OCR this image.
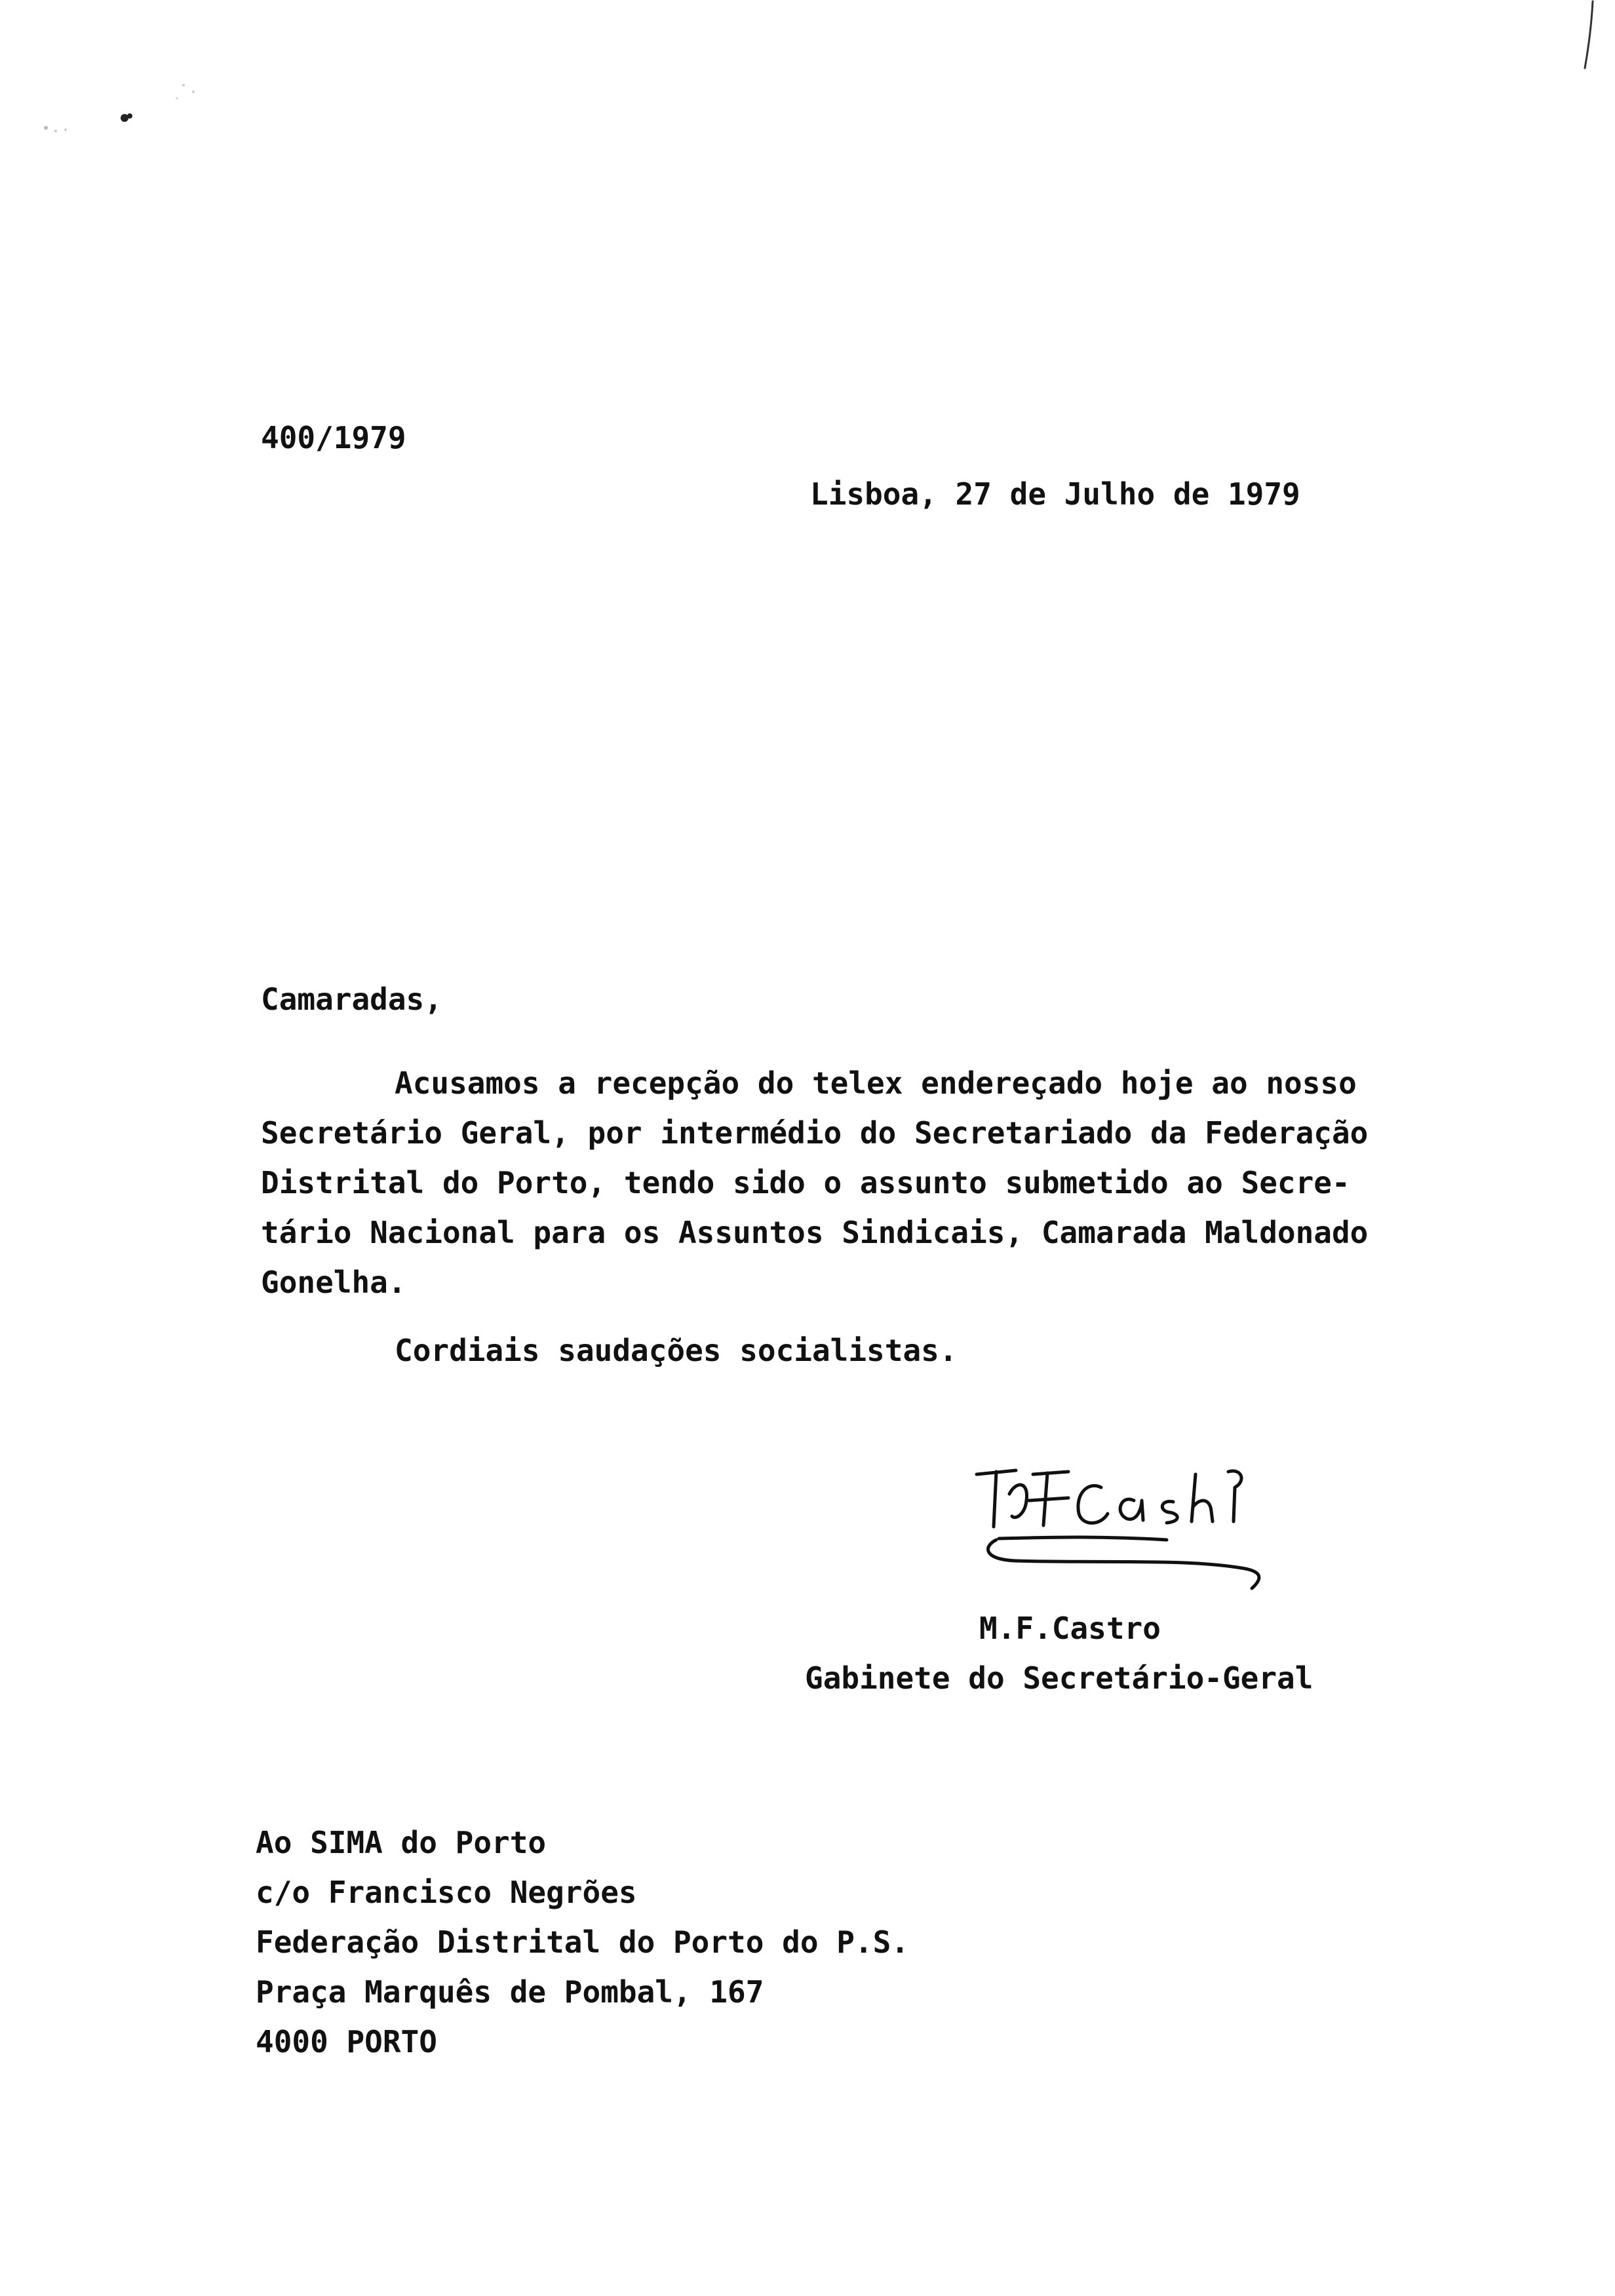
400/1979
Lisboa, 27 de Julho de 1979
Camaradas,
Acusamos a recepção do telex endereçado hoje ao nosso
Secretário Geral, por intermédio do Secretariado da Federação
Distrital do Porto, tendo sido o assunto submetido ao Secre-
tário Nacional para os Assuntos Sindicais, Camarada Maldonado
Gonelha.
Cordiais saudações socialistas.
M.F.Castro
Gabinete do Secretário-Geral
Ao SIMA do Porto
c/o Francisco Negrões
Federação Distrital do Porto do P.S.
Praça Marquês de Pombal, 167
4000 PORTO
